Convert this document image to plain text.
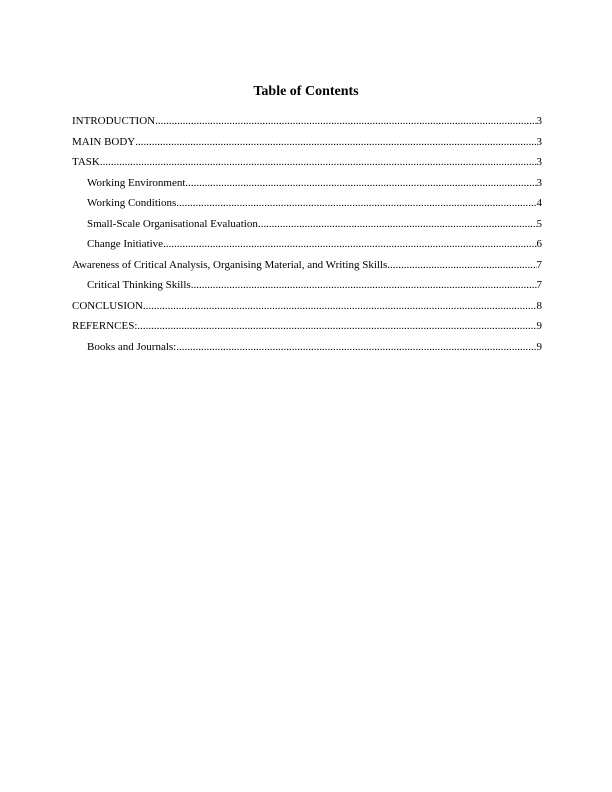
Table of Contents
INTRODUCTION .....	3
MAIN BODY .....	3
TASK .....	3
Working Environment .....	3
Working Conditions .....	4
Small-Scale Organisational Evaluation .....	5
Change Initiative .....	6
Awareness of Critical Analysis, Organising Material, and Writing Skills .....	7
Critical Thinking Skills .....	7
CONCLUSION .....	8
REFERNCES: .....	9
Books and Journals: .....	9
